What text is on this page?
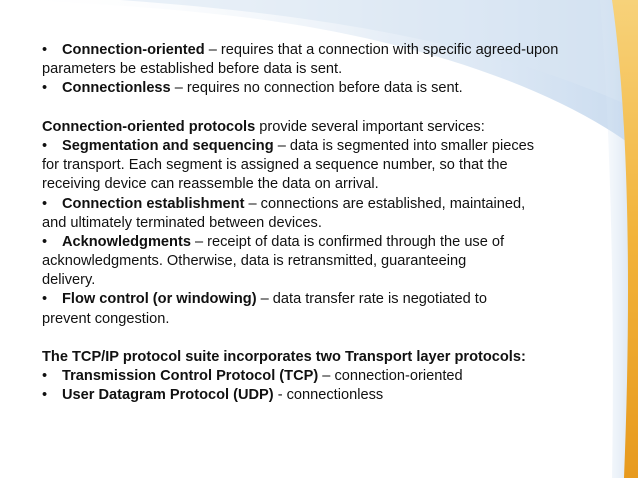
• Connection-oriented – requires that a connection with specific agreed-upon
parameters be established before data is sent.
• Connectionless – requires no connection before data is sent.
Connection-oriented protocols provide several important services:
• Segmentation and sequencing – data is segmented into smaller pieces
for transport. Each segment is assigned a sequence number, so that the
receiving device can reassemble the data on arrival.
• Connection establishment – connections are established, maintained,
and ultimately terminated between devices.
• Acknowledgments – receipt of data is confirmed through the use of
acknowledgments. Otherwise, data is retransmitted, guaranteeing
delivery.
• Flow control (or windowing) – data transfer rate is negotiated to
prevent congestion.
The TCP/IP protocol suite incorporates two Transport layer protocols:
• Transmission Control Protocol (TCP) – connection-oriented
• User Datagram Protocol (UDP) - connectionless
